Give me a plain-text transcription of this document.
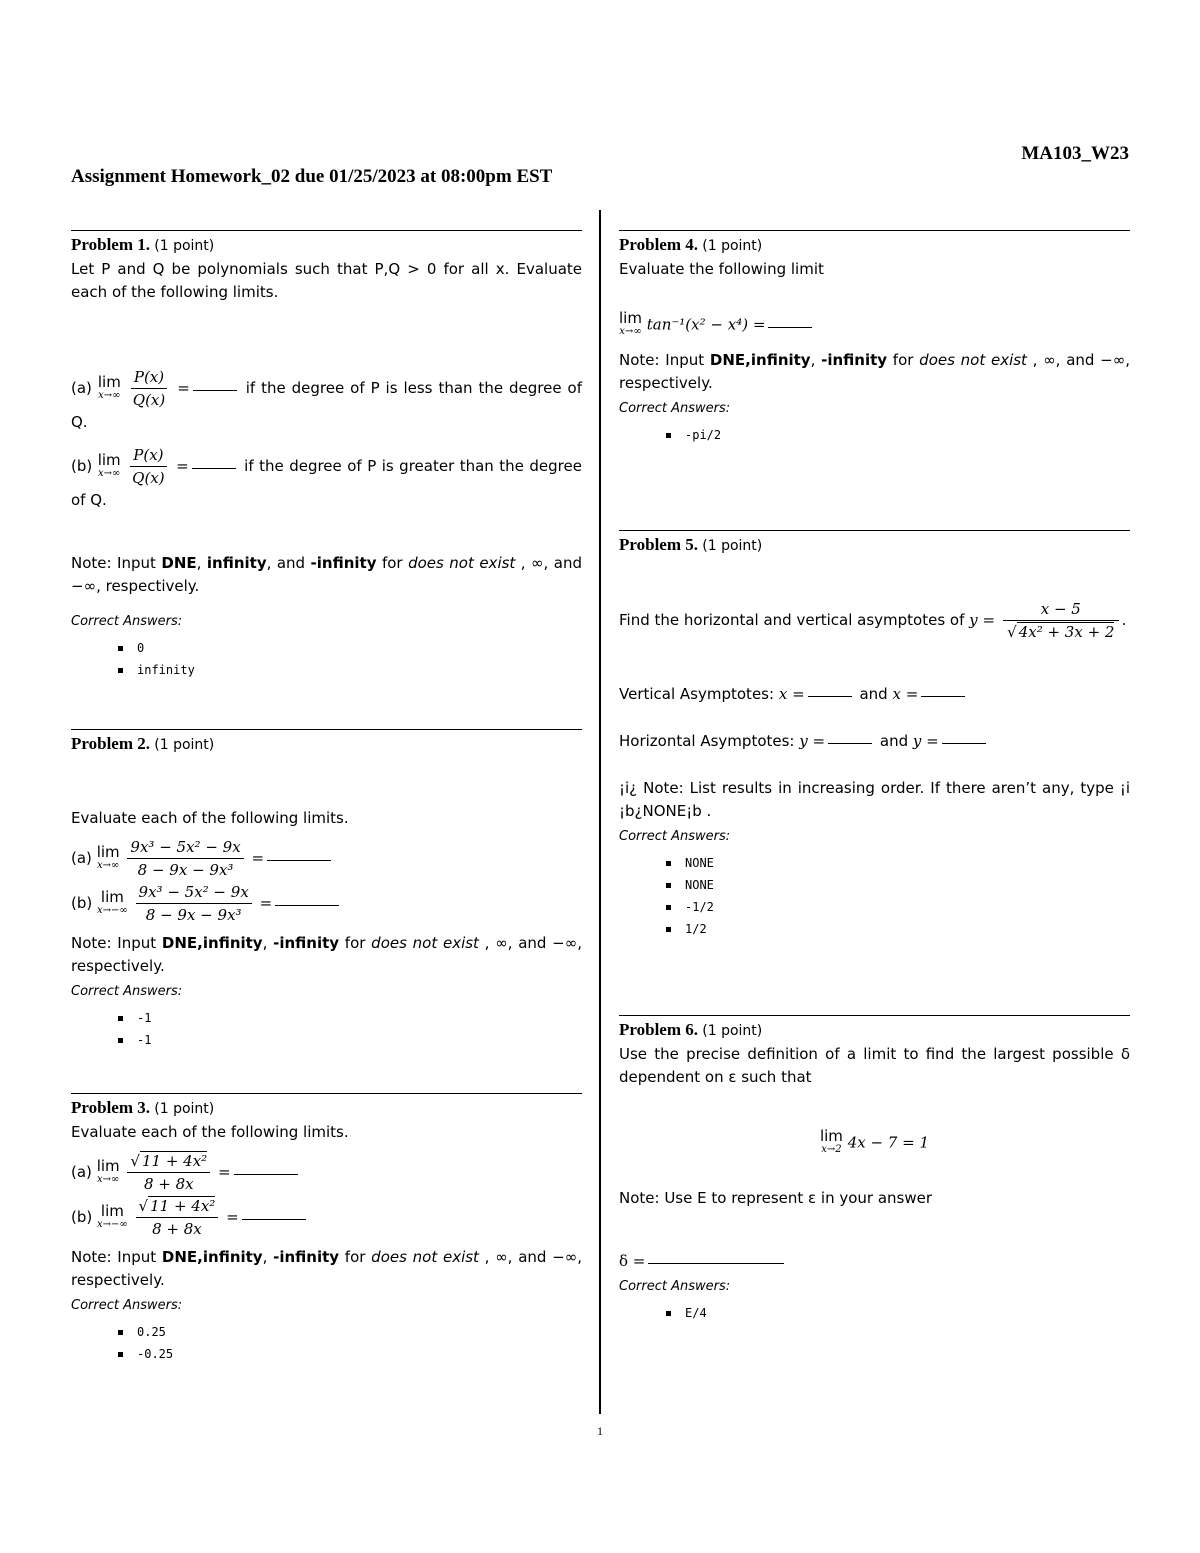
MA103_W23
Assignment Homework_02 due 01/25/2023 at 08:00pm EST
1
Problem 1. (1 point)

Let P and Q be polynomials such that P,Q > 0 for all x. Evaluate each of the following limits.

(a) lim
x→∞
$\frac{P(x)}{Q(x)}$ =	if the degree of P is less than the degree of Q.

(b) lim
x→∞
$\frac{P(x)}{Q(x)}$ =	if the degree of P is greater than the degree of Q.

Note: Input DNE, infinity, and -infinity for does not exist , ∞, and −∞, respectively.

Correct Answers:
0
infinity
Problem 2. (1 point)

Evaluate each of the following limits.

(a) lim
x→∞
$\frac{\text{9x³ − 5x² − 9x}}{\text{8 − 9x − 9x³}}$ =

(b) lim
x→−∞
$\frac{\text{9x³ − 5x² − 9x}}{\text{8 − 9x − 9x³}}$ =

Note: Input DNE,infinity, -infinity for does not exist , ∞, and −∞, respectively.

Correct Answers:
-1
-1
Problem 3. (1 point)

Evaluate each of the following limits.

(a) lim
x→∞
$\frac{\text{√ 11 + 4x²}}{8 + 8x}$ =

(b) lim
x→−∞
$\frac{\text{√ 11 + 4x²}}{8 + 8x}$ =

Note: Input DNE,infinity, -infinity for does not exist , ∞, and −∞, respectively.

Correct Answers:
0.25
-0.25
Problem 4. (1 point)

Evaluate the following limit

lim
x→∞ tan⁻¹(x² − x⁴) =

Note: Input DNE,infinity, -infinity for does not exist , ∞, and −∞, respectively.

Correct Answers:
-pi/2
Problem 5. (1 point)

Find the horizontal and vertical asymptotes of $y = \frac{x - 5}{\text{√ 4x² + 3x + 2}}$ .

Vertical Asymptotes: x =	and x =

Horizontal Asymptotes: y =	and y =

¡i¿ Note: List results in increasing order. If there aren’t any, type ¡i ¡b¿NONE¡b .

Correct Answers:
NONE
NONE
-1/2
1/2
Problem 6. (1 point)

Use the precise definition of a limit to find the largest possible δ dependent on ε such that

lim
x→2 4x − 7 = 1

Note: Use E to represent ε in your answer

δ =

Correct Answers:
E/4
